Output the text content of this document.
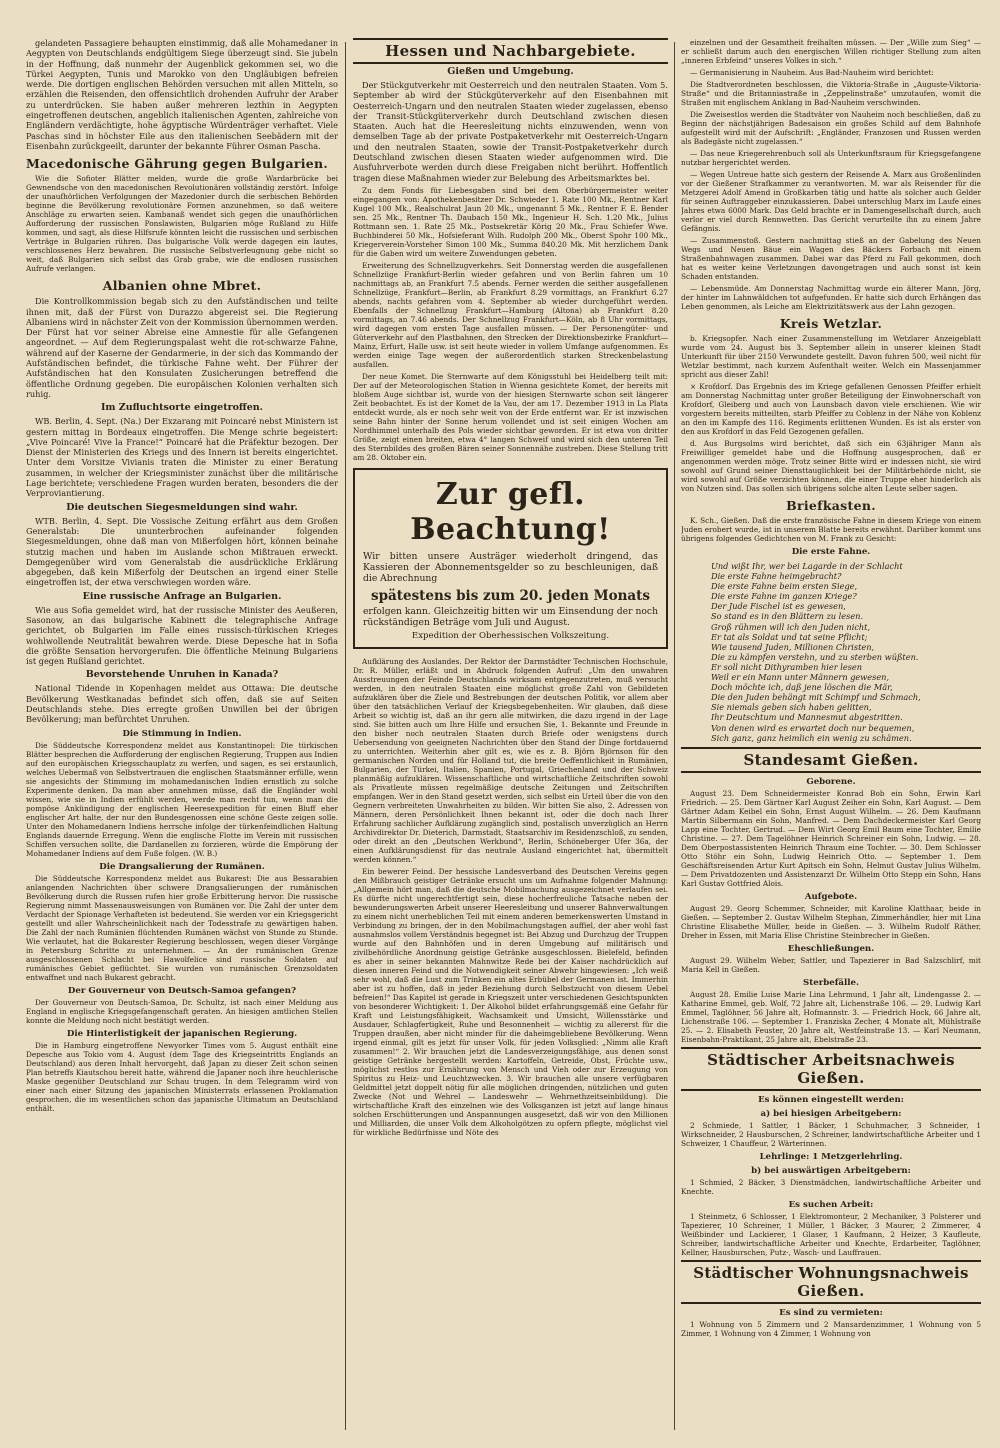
gelandeten Passagiere behaupten einstimmig, daß alle Mohamedaner in Aegypten von Deutschlands endgültigem Siege überzeugt sind. Sie jubeln in der Hoffnung, daß nunmehr der Augenblick gekommen sei, wo die Türkei Aegypten, Tunis und Marokko von den Ungläubigen befreien werde. Die dortigen englischen Behörden versuchen mit allen Mitteln, so erzählen die Reisenden, den offensichtlich drohenden Aufruhr der Araber zu unterdrücken. Sie haben außer mehreren lezthin in Aegypten eingetroffenen deutschen, angeblich italienischen Agenten, zahlreiche von Engländern verdächtigte, hohe ägyptische Würdenträger verhaftet. Viele Paschas sind in höchster Eile aus den italienischen Seebädern mit der Eisenbahn zurückgeeilt, darunter der bekannte Führer Osman Pascha.

Macedonische Gährung gegen Bulgarien.

Wie die Sofioter Blätter melden, wurde die große Wardarbrücke bei Gewnendsche von den macedonischen Revolutionären vollständig zerstört. Infolge der unaufhörlichen Verfolgungen der Mazedonier durch die serbischen Behörden beginne die Bevölkerung revolutionäre Formen anzunehmen, so daß weitere Anschläge zu erwarten seien. Kambanaß wendet sich gegen die unaufhörlichen Aufforderung der russischen Ponslawisten, Bulgarien möge Rußland zu Hilfe kommen, und sagt, als diese Hilfsrufe könnten leicht die russischen und serbischen Verträge in Bulgarien rühren. Das bulgarische Volk werde dagegen ein lautes, verschlossenes Herz bewahren. Die russische Selbstverleugnung gebe nicht so weit, daß Bulgarien sich selbst das Grab grabe, wie die endlosen russischen Aufrufe verlangen.

Albanien ohne Mbret.

Die Kontrollkommission begab sich zu den Aufständischen und teilte ihnen mit, daß der Fürst von Durazzo abgereist sei. Die Regierung Albaniens wird in nächster Zeit von der Kommission übernommen werden. Der Fürst hat vor seiner Abreise eine Amnestie für alle Gefangenen angeordnet. — Auf dem Regierungspalast weht die rot-schwarze Fahne, während auf der Kaserne der Gendarmerie, in der sich das Kommando der Aufständischen befindet, die türkische Fahne weht. Der Führer der Aufständischen hat den Konsulaten Zusicherungen betreffend die öffentliche Ordnung gegeben. Die europäischen Kolonien verhalten sich ruhig.

Im Zufluchtsorte eingetroffen.

WB. Berlin, 4. Sept. (Na.) Der Exzarang mit Poincaré nebst Ministern ist gestern mittag in Bordeaux eingetroffen. Die Menge schrie begeistert: „Vive Poincaré! Vive la France!“ Poincaré hat die Präfektur bezogen. Der Dienst der Ministerien des Kriegs und des Innern ist bereits eingerichtet. Unter dem Vorsitze Vivianis traten die Minister zu einer Beratung zusammen, in welcher der Kriegsminister zunächst über die militärische Lage berichtete; verschiedene Fragen wurden beraten, besonders die der Verproviantierung.

Die deutschen Siegesmeldungen sind wahr.

WTB. Berlin, 4. Sept. Die Vossische Zeitung erfährt aus dem Großen Generalstab: Die ununterbrochen aufeinander folgenden Siegesmeldungen, ohne daß man von Mißerfolgen hört, können beinahe stutzig machen und haben im Auslande schon Mißtrauen erweckt. Demgegenüber wird vom Generalstab die ausdrückliche Erklärung abgegeben, daß kein Mißerfolg der Deutschen an irgend einer Stelle eingetroffen ist, der etwa verschwiegen worden wäre.

Eine russische Anfrage an Bulgarien.

Wie aus Sofia gemeldet wird, hat der russische Minister des Aeußeren, Sasonow, an das bulgarische Kabinett die telegraphische Anfrage gerichtet, ob Bulgarien im Falle eines russisch-türkischen Krieges wohlwollende Neutralität bewahren werde. Diese Depesche hat in Sofia die größte Sensation hervorgerufen. Die öffentliche Meinung Bulgariens ist gegen Rußland gerichtet.

Bevorstehende Unruhen in Kanada?

National Tidende in Kopenhagen meldet aus Ottawa: Die deutsche Bevölkerung Westkanadas befindet sich offen, daß sie auf Seiten Deutschlands stehe. Dies erregte großen Unwillen bei der übrigen Bevölkerung; man befürchtet Unruhen.

Die Stimmung in Indien.

Die Süddeutsche Korrespondenz meldet aus Konstantinopel: Die türkischen Blätter besprechen die Aufforderung der englischen Regierung, Truppen aus Indien auf den europäischen Kriegsschauplatz zu werfen, und sagen, es sei erstaunlich, welches Uebermaß von Selbstvertrauen die englischen Staatsmänner erfülle, wenn sie angesichts der Stimmung im mohamedanischen Indien ernstlich zu solche Experimente denken. Da man aber annehmen müsse, daß die Engländer wohl wissen, wie sie in Indien erfühlt werden, werde man recht tun, wenn man die pompöse Ankündigung der englischen Heeresexpedition für einen Bluff eher englischer Art halte, der nur den Bundesgenossen eine schöne Geste zeigen solle. Unter den Mohamedanern Indiens herrsche infolge der türkenfeindlichen Haltung Englands dauernde Erregung. Wenn die englische Flotte im Verein mit russischen Schiffen versuchen sollte, die Dardanellen zu forzieren, würde die Empörung der Mohamedaner Indiens auf dem Fuße folgen. (W. B.)

Die Drangsalierung der Rumänen.

Die Süddeutsche Korrespondenz meldet aus Bukarest: Die aus Bessarabien anlangenden Nachrichten über schwere Drangsalierungen der rumänischen Bevölkerung durch die Russen rufen hier große Erbitterung hervor. Die russische Regierung nimmt Massenausweisungen von Rumänen vor. Die Zahl der unter dem Verdacht der Spionage Verhafteten ist bedeutend. Sie werden vor ein Kriegsgericht gestellt und aller Wahrscheinlichkeit nach der Todesstrafe zu gewärtigen haben. Die Zahl der nach Rumänien flüchtenden Rumänen wächst von Stunde zu Stunde. Wie verlautet, hat die Bukarester Regierung beschlossen, wegen dieser Vorgänge in Petersburg Schritte zu unternehmen. — An der rumänischen Grenze ausgeschlossenen Schlacht bei Hawolfelice sind russische Soldaten auf rumänisches Gebiet geflüchtet. Sie wurden von rumänischen Grenzsoldaten entwaffnet und nach Bukarest gebracht.

Der Gouverneur von Deutsch-Samoa gefangen?

Der Gouverneur von Deutsch-Samoa, Dr. Schultz, ist nach einer Meldung aus England in englische Kriegsgefangenschaft geraten. An hiesigen amtlichen Stellen konnte die Meldung noch nicht bestätigt werden.

Die Hinterlistigkeit der japanischen Regierung.

Die in Hamburg eingetroffene Newyorker Times vom 5. August enthält eine Depesche aus Tokio vom 4. August (dem Tage des Kriegseintritts Englands an Deutschland) aus deren Inhalt hervorgeht, daß Japan zu dieser Zeit schon seinen Plan betreffs Kiautschou bereit hatte, während die Japaner noch ihre heuchlerische Maske gegenüber Deutschland zur Schau trugen. In dem Telegramm wird von einer nach einer Sitzung des japanischen Ministerrats erlassenen Proklamation gesprochen, die im wesentlichen schon das japanische Ultimatum an Deutschland enthält.

Hessen und Nachbargebiete.
Gießen und Umgebung.

Der Stückgutverkehr mit Oesterreich und den neutralen Staaten. Vom 5. September ab wird der Stückgüterverkehr auf den Eisenbahnen mit Oesterreich-Ungarn und den neutralen Staaten wieder zugelassen, ebenso der Transit-Stückgüterverkehr durch Deutschland zwischen diesen Staaten. Auch hat die Heeresleitung nichts einzuwenden, wenn von demselben Tage ab der private Postpaketverkehr mit Oesterreich-Ungarn und den neutralen Staaten, sowie der Transit-Postpaketverkehr durch Deutschland zwischen diesen Staaten wieder aufgenommen wird. Die Ausfuhrverbote werden durch diese Freigaben nicht berührt. Hoffentlich tragen diese Maßnahmen wieder zur Belebung des Arbeitsmarktes bei.

Zu dem Fonds für Liebesgaben sind bei dem Oberbürgermeister weiter eingegangen von: Apothekenbesitzer Dr. Schwieder 1. Rate 100 Mk., Rentner Karl Kugel 100 Mk., Realschulrat Jaun 20 Mk., ungenannt 5 Mk., Rentner F. E. Bender sen. 25 Mk., Rentner Th. Daubach 150 Mk., Ingenieur H. Sch. 1.20 Mk., Julius Rottmann sen. 1. Rate 25 Mk., Postsekretär Körig 20 Mk., Frau Schiefer Wwe. Buchbinderei 50 Mk., Hofsieferant Wilh. Rudolph 200 Mk., Oberst Spohr 100 Mk., Kriegerverein-Vorsteher Simon 100 Mk., Summa 840.20 Mk. Mit herzlichem Dank für die Gaben wird um weitere Zuwendungen gebeten.

Erweiterung des Schnellzugverkehrs. Seit Donnerstag werden die ausgefallenen Schnellzüge Frankfurt-Berlin wieder gefahren und von Berlin fahren um 10 nachmittags ab, an Frankfurt 7.5 abends. Ferner werden die seither ausgefallenen Schnellzüge, Frankfurt—Berlin, ab Frankfurt 8.29 vormittags, an Frankfurt 6.27 abends, nachts gefahren vom 4. September ab wieder durchgeführt werden. Ebenfalls der Schnellzug Frankfurt—Hamburg (Altona) ab Frankfurt 8.20 vormittags, an 7.46 abends. Der Schnellzug Frankfurt—Köln, ab 8 Uhr vormittags, wird dagegen vom ersten Tage ausfallen müssen. — Der Personengüter- und Güterverkehr auf den Plastbahnen, den Strecken der Direktionsbezirke Frankfurt—Mainz, Erfurt, Halle usw. ist seit heute wieder in vollem Umfange aufgenommen. Es werden einige Tage wegen der außerordentlich starken Streckenbelastung ausfallen.

Der neue Komet. Die Sternwarte auf dem Königsstuhl bei Heidelberg teilt mit: Der auf der Meteorologischen Station in Wienna gesichtete Komet, der bereits mit bloßem Auge sichtbar ist, wurde von der hiesigen Sternwarte schon seit längerer Zeit beobachtet. Es ist der Komet de la Vau, der am 17. Dezember 1913 in La Plata entdeckt wurde, als er noch sehr weit von der Erde entfernt war. Er ist inzwischen seine Bahn hinter der Sonne herum vollendet und ist seit einigen Wochen am Nordhimmel unterhalb des Pols wieder sichtbar geworden. Er ist etwa von dritter Größe, zeigt einen breiten, etwa 4° langen Schweif und wird sich den unteren Teil des Sternbildes des großen Bären seiner Sonnennähe zustreben. Diese Stellung tritt am 28. Oktober ein.

Zur gefl. Beachtung!

Wir bitten unsere Austräger wiederholt dringend, das Kassieren der Abonnementsgelder so zu beschleunigen, daß die Abrechnung

spätestens bis zum 20. jeden Monats

erfolgen kann. Gleichzeitig bitten wir um Einsendung der noch rückständigen Beträge vom Juli und August.

Expedition der Oberhessischen Volkszeitung.

Aufklärung des Auslandes. Der Rektor der Darmstädter Technischen Hochschule, Dr. R. Müller, erläßt und in Abdruck folgenden Aufruf: „Um den unwahren Ausstreuungen der Feinde Deutschlands wirksam entgegenzutreten, muß versucht werden, in den neutralen Staaten eine möglichst große Zahl von Gebildeten aufzuklären über die Ziele und Bestrebungen der deutschen Politik, vor allem aber über den tatsächlichen Verlauf der Kriegsbegebenheiten. Wir glauben, daß diese Arbeit so wichtig ist, daß an ihr gern alle mitwirken, die dazu irgend in der Lage sind. Sie bitten auch um Ihre Hilfe und ersuchen Sie, 1. Bekannte und Freunde in den bisher noch neutralen Staaten durch Briefe oder wenigstens durch Uebersendung von geeigneten Nachrichten über den Stand der Dinge fortdauernd zu unterrichten. Weiterhin aber gilt es, wie es z. B. Björn Björnson für den germanischen Norden und für Holland tut, die breite Oeffentlichkeit in Rumänien, Bulgarien, der Türkei, Italien, Spanien, Portugal, Griechenland und der Schweiz planmäßig aufzuklären. Wissenschaftliche und wirtschaftliche Zeitschriften sowohl als Privatleute müssen regelmäßige deutsche Zeitungen und Zeitschriften empfangen. Wer in den Stand gesetzt werden, sich selbst ein Urteil über die von den Gegnern verbreiteten Unwahrheiten zu bilden. Wir bitten Sie also, 2. Adressen von Männern, deren Persönlichkeit Ihnen bekannt ist, oder die doch nach Ihrer Erfahrung sachlicher Aufklärung zugänglich sind, postalisch unverzüglich an Herrn Archivdirektor Dr. Dieterich, Darmstadt, Staatsarchiv im Residenzschloß, zu senden, oder direkt an den „Deutschen Werkbund“, Berlin, Schöneberger Ufer 36a, der einen Aufklärungsdienst für das neutrale Ausland eingerichtet hat, übermittelt werden können.“

Ein bewerer Feind. Der hessische Landesverband des Deutschen Vereins gegen den Mißbrauch geistiger Getränke ersucht uns um Aufnahme folgender Mahnung: „Allgemein hört man, daß die deutsche Mobilmachung ausgezeichnet verlaufen sei. Es dürfte nicht ungerechtfertigt sein, diese hocherfreuliche Tatsache neben der bewunderungswerten Arbeit unserer Heeresleitung und unserer Bahnverwaltungen zu einem nicht unerheblichen Teil mit einem anderen bemerkenswerten Umstand in Verbindung zu bringen, der in den Mobilmachungstagen auffiel, der aber wohl fast ausnahmslos vollem Verständnis begegnet ist: Bei Abzug und Durchzug der Truppen wurde auf den Bahnhöfen und in deren Umgebung auf militärisch und zivilbehördliche Anordnung geistige Getränke ausgeschlossen. Bielefeld, befinden es aber in seiner bekannten Mahnwitze Rede bei der Kaiser nachdrücklich auf diesen inneren Feind und die Notwendigkeit seiner Abwehr hingewiesen: „Ich weiß sehr wohl, daß die Lust zum Trinken ein altes Erbübel der Germanen ist. Immerhin aber ist zu hoffen, daß in jeder Beziehung durch Selbstzucht von diesem Uebel befreien!“ Das Kapitel ist gerade in Kriegszeit unter verschiedenen Gesichtspunkten von besonderer Wichtigkeit: 1. Der Alkohol bildet erfahrungsgemäß eine Gefahr für Kraft und Leistungsfähigkeit, Wachsamkeit und Umsicht, Willensstärke und Ausdauer, Schlagfertigkeit, Ruhe und Besonnenheit — wichtig zu allererst für die Truppen draußen, aber nicht minder für die daheimgebliebene Bevölkerung. Wenn irgend einmal, gilt es jetzt für unser Volk, für jeden Volksglied: „Nimm alle Kraft zusammen!“ 2. Wir brauchen jetzt die Landesverzeigungsfähige, aus denen sonst geistige Getränke hergestellt werden: Kartoffeln, Getreide, Obst, Früchte usw., möglichst restlos zur Ernährung von Mensch und Vieh oder zur Erzeugung von Spiritus zu Heiz- und Leuchtzwecken. 3. Wir brauchen alle unsere verfügbaren Geldmittel jetzt doppelt nötig für alle möglichen dringenden, nützlichen und guten Zwecke (Not und Wehrel — Landeswehr — Wehrnethzeitseinbildung). Die wirtschaftliche Kraft des einzelnen wie des Volksganzen ist jetzt auf lange hinaus solchen Erschütterungen und Anspannungen ausgesetzt, daß wir von den Millionen und Milliarden, die unser Volk dem Alkoholgötzen zu opfern pflegte, möglichst viel für wirkliche Bedürfnisse und Nöte des

einzelnen und der Gesamtheit freihalten müssen. — Der „Wille zum Sieg“ — er schließt darum auch den energischen Willen richtiger Stellung zum alten „inneren Erbfeind“ unseres Volkes in sich.“

— Germanisierung in Nauheim. Aus Bad-Nauheim wird berichtet:

Die Stadtverordneten beschlossen, die Viktoria-Straße in „Auguste-Viktoria-Straße“ und die Britanniastraße in „Zeppelinstraße“ umzutaufen, womit die Straßen mit englischem Anklang in Bad-Nauheim verschwinden.

Die Zweisestlos werden die Stadtväter von Nauheim noch beschließen, daß zu Beginn der nächstjährigen Badesaison ein großes Schild auf dem Bahnhofe aufgestellt wird mit der Aufschrift: „Engländer, Franzosen und Russen werden als Badegäste nicht zugelassen.“

— Das neue Kriegerehrenbuch soll als Unterkunftsraum für Kriegsgefangene nutzbar hergerichtet werden.

— Wegen Untreue hatte sich gestern der Reisende A. Marx aus Großenlinden vor der Gießener Strafkammer zu verantworten. M. war als Reisender für die Metzgerei Adolf Amend in Großkarben tätig und hatte als solcher auch Gelder für seinen Auftraggeber einzukassieren. Dabei unterschlug Marx im Laufe eines Jahres etwa 6000 Mark. Das Geld brachte er in Damengesellschaft durch, auch verlor er viel durch Rennwetten. Das Gericht verurteilte ihn zu einem Jahre Gefängnis.

— Zusammenstoß. Gestern nachmittag stieß an der Gabelung des Neuen Wegs und Neuen Bäue ein Wagen des Bäckers Forbach mit einem Straßenbahnwagen zusammen. Dabei war das Pferd zu Fall gekommen, doch hat es weiter keine Verletzungen davongetragen und auch sonst ist kein Schaden entstanden.

— Lebensmüde. Am Donnerstag Nachmittag wurde ein älterer Mann, Jörg, der hinter im Lahnwäldchen tot aufgefunden. Er hatte sich durch Erhängen das Leben genommen, als Leiche am Elektrizitätswerk aus der Lahn gezogen.

Kreis Wetzlar.

b. Kriegsopfer. Nach einer Zusammenstellung im Wetzlarer Anzeigeblatt wurde vom 24. August bis 3. September allein in unserer kleinen Stadt Unterkunft für über 2150 Verwundete gestellt. Davon fuhren 500, weil nicht für Wetzlar bestimmt, nach kurzem Aufenthalt weiter. Welch ein Massenjammer spricht aus dieser Zahl!

× Krofdorf. Das Ergebnis des im Kriege gefallenen Genossen Pfeiffer erhielt am Donnerstag Nachmittag unter großer Beteiligung der Einwohnerschaft von Krofdorf, Gleiberg und auch von Launsbach davon viele erschienen. Wie wir vorgestern bereits mitteilten, starb Pfeiffer zu Coblenz in der Nähe von Koblenz an den im Kampfe des 116. Regiments erlittenen Wunden. Es ist als erster von den aus Krofdorf in das Feld Gezogenen gefallen.

d. Aus Burgsolms wird berichtet, daß sich ein 63jähriger Mann als Freiwilliger gemeldet habe und die Hoffnung ausgesprochen, daß er angenommen werden möge. Trotz seiner Bitte wird er indessen nicht, sie wird sowohl auf Grund seiner Diensttauglichkeit bei der Militärbehörde nicht, sie wird sowohl auf Größe verzichten können, die einer Truppe eher hinderlich als von Nutzen sind. Das sollen sich übrigens solche alten Leute selber sagen.

Briefkasten.

K. Sch., Gießen. Daß die erste französische Fahne in diesem Kriege von einem Juden erobert wurde, ist in unserem Blatte bereits erwähnt. Darüber kommt uns übrigens folgendes Gedichtchen von M. Frank zu Gesicht:

Die erste Fahne.
Und wißt Ihr, wer bei Lagarde in der Schlacht
Die erste Fahne heimgebracht?
Die erste Fahne beim ersten Siege,
Die erste Fahne im ganzen Kriege?
Der Jude Fischel ist es gewesen,
So stand es in den Blättern zu lesen.
Groß rühmen will ich den Juden nicht,
Er tat als Soldat und tat seine Pflicht;
Wie tausend Juden, Millionen Christen,
Die zu kämpfen verstehn, und zu sterben wüßten.
Er soll nicht Dithyramben hier lesen
Weil er ein Mann unter Männern gewesen,
Doch möchte ich, daß jene löschen die Mär,
Die den Juden behängt mit Schimpf und Schmach,
Sie niemals geben sich haben gelitten,
Ihr Deutschtum und Mannesmut abgestritten.
Von denen wird es erwartet doch nur bequemen,
Sich ganz, ganz heimlich ein wenig zu schämen.
Standesamt Gießen.
Geborene.

August 23. Dem Schneidermeister Konrad Bob ein Sohn, Erwin Karl Friedrich. — 25. Dem Gärtner Karl August Zeiher ein Sohn, Karl August. — Dem Gärtner Adam Keibel ein Sohn, Ernst August Wilhelm. — 26. Dem Kaufmann Martin Silbermann ein Sohn, Manfred. — Dem Dachdeckermeister Karl Georg Lapp eine Tochter, Gertrud. — Dem Wirt Georg Emil Baum eine Tochter, Emilie Christine. — 27. Dem Tagelöhner Heinrich Schreiner ein Sohn, Ludwig. — 28. Dem Oberpostassistenten Heinrich Thraum eine Tochter. — 30. Dem Schlosser Otto Stöhr ein Sohn, Ludwig Heinrich Otto. — September 1. Dem Geschäftsreisenden Artur Kurt Apitsch ein Sohn, Helmut Gustav Julius Wilhelm. — Dem Privatdozenten und Assistenzarzt Dr. Wilhelm Otto Stepp ein Sohn, Hans Karl Gustav Gottfried Alois.

Aufgebote.

August 29. Georg Schemmer, Schneider, mit Karoline Klatthaar, beide in Gießen. — September 2. Gustav Wilhelm Stephan, Zimmerhändler, hier mit Lina Christine Elisabethe Müller, beide in Gießen. — 3. Wilhelm Rudolf Räther, Dreher in Essen, mit Maria Elise Christine Steinbrecher in Gießen.

Eheschließungen.

August 29. Wilhelm Weber, Sattler, und Tapezierer in Bad Salzschlirf, mit Maria Kell in Gießen.

Sterbefälle.

August 28. Emilie Luise Marie Lina Lehrmund, 1 Jahr alt, Lindengasse 2. — Katharine Emmel, geb. Wolf, 72 Jahre alt, Lichenstraße 106. — 29. Ludwig Karl Emmel, Taglöhner, 56 Jahre alt, Hofmannstr. 3. — Friedrich Hock, 66 Jahre alt, Lichenstraße 106. — September 1. Franziska Zecher, 4 Monate alt, Mühlstraße 25. — 2. Elisabeth Feuster, 20 Jahre alt, Westfeinstraße 13. — Karl Neumann, Eisenbahn-Praktikant, 25 Jahre alt, Ebelstraße 23.

Städtischer Arbeitsnachweis Gießen.
Es können eingestellt werden:
a) bei hiesigen Arbeitgebern:

2 Schmiede, 1 Sattler, 1 Bäcker, 1 Schuhmacher, 3 Schneider, 1 Wirkschneider, 2 Hausburschen, 2 Schreiner, landwirtschaftliche Arbeiter und 1 Schweizer, 1 Chauffeur, 2 Wärterinnen.

Lehrlinge: 1 Metzgerlehrling.
b) bei auswärtigen Arbeitgebern:

1 Schmied, 2 Bäcker, 3 Dienstmädchen, landwirtschaftliche Arbeiter und Knechte.

Es suchen Arbeit:

1 Steinmetz, 6 Schlosser, 1 Elektromonteur, 2 Mechaniker, 3 Polsterer und Tapezierer, 10 Schreiner, 1 Müller, 1 Bäcker, 3 Maurer, 2 Zimmerer, 4 Weißbinder und Lackierer, 1 Glaser, 1 Kaufmann, 2 Heizer, 3 Kaufleute, Schreiber, landwirtschaftliche Arbeiter und Knechte, Erdarbeiter, Taglöhner, Kellner, Hausburschen, Putz-, Wasch- und Lauffrauen.

Städtischer Wohnungsnachweis Gießen.
Es sind zu vermieten:

1 Wohnung von 5 Zimmern und 2 Mansardenzimmer, 1 Wohnung von 5 Zimmer, 1 Wohnung von 4 Zimmer, 1 Wohnung von
